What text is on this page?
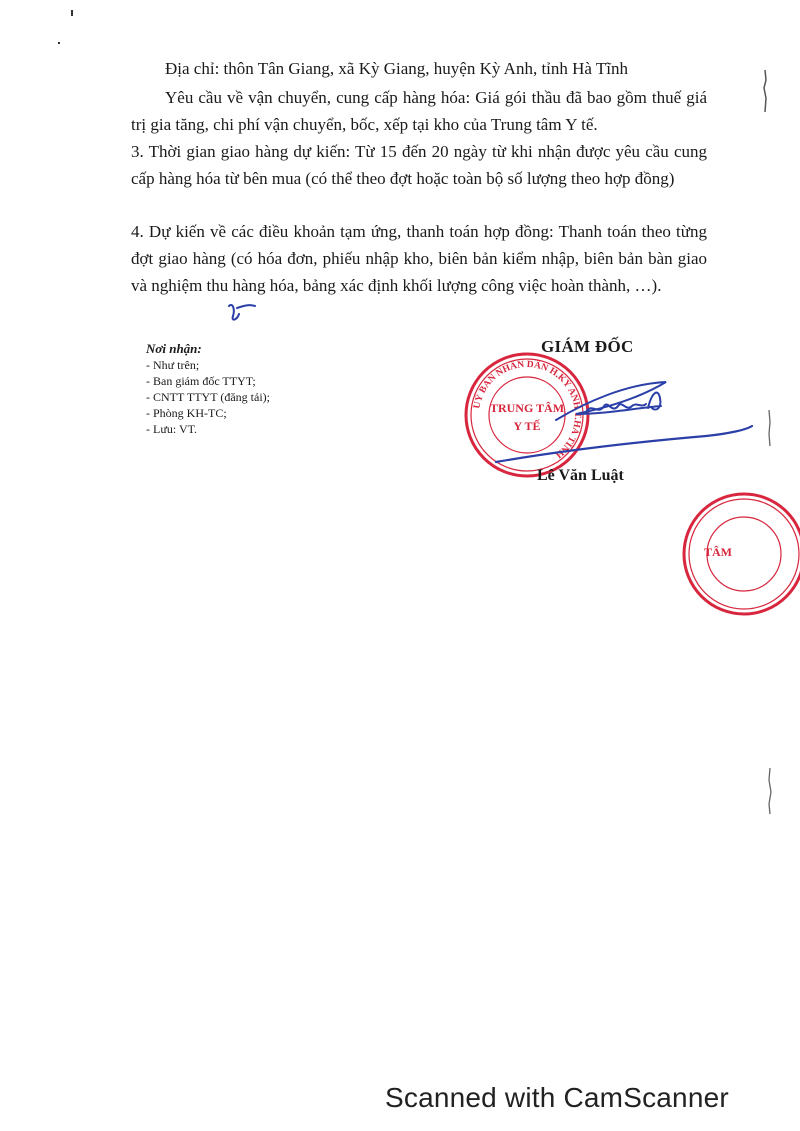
Địa chỉ: thôn Tân Giang, xã Kỳ Giang, huyện Kỳ Anh, tỉnh Hà Tĩnh

Yêu cầu về vận chuyển, cung cấp hàng hóa: Giá gói thầu đã bao gồm thuế giá trị gia tăng, chi phí vận chuyển, bốc, xếp tại kho của Trung tâm Y tế.

3. Thời gian giao hàng dự kiến: Từ 15 đến 20 ngày từ khi nhận được yêu cầu cung cấp hàng hóa từ bên mua (có thể theo đợt hoặc toàn bộ số lượng theo hợp đồng)

4. Dự kiến về các điều khoản tạm ứng, thanh toán hợp đồng: Thanh toán theo từng đợt giao hàng (có hóa đơn, phiếu nhập kho, biên bản kiểm nhập, biên bản bàn giao và nghiệm thu hàng hóa, bảng xác định khối lượng công việc hoàn thành, …).

Nơi nhận:
- Như trên;
- Ban giám đốc TTYT;
- CNTT TTYT (đăng tải);
- Phòng KH-TC;
- Lưu: VT.
GIÁM ĐỐC
UỶ BAN NHÂN DÂN H.KỲ ANH T.HÀ TĨNH
TRUNG TÂM
Y TẾ
Lê Văn Luật
TÂM
Scanned with CamScanner
